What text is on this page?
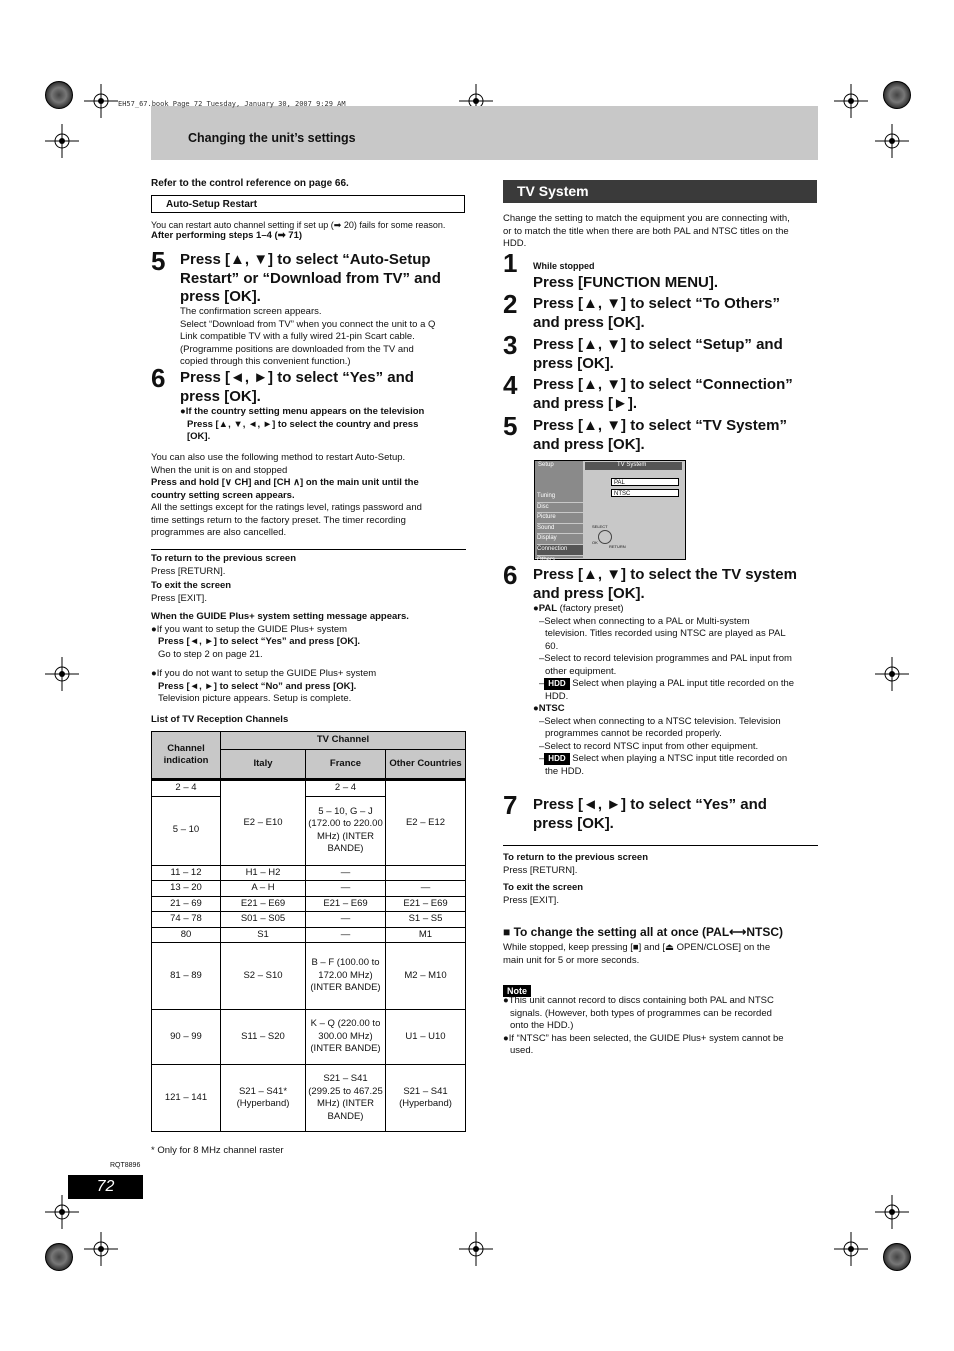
EH57_67.book Page 72 Tuesday, January 30, 2007 9:29 AM
Changing the unit’s settings
Refer to the control reference on page 66.
Auto-Setup Restart
You can restart auto channel setting if set up (➡ 20) fails for some reason.
After performing steps 1–4 (➡ 71)
5 Press [▲, ▼] to select “Auto-Setup
Restart” or “Download from TV” and
press [OK].
The confirmation screen appears.
Select “Download from TV” when you connect the unit to a Q
Link compatible TV with a fully wired 21-pin Scart cable.
(Programme positions are downloaded from the TV and
copied through this convenient function.)
6 Press [◄, ►] to select “Yes” and
press [OK].
●If the country setting menu appears on the television
Press [▲, ▼, ◄, ►] to select the country and press
[OK].
You can also use the following method to restart Auto-Setup.
When the unit is on and stopped
Press and hold [∨ CH] and [CH ∧] on the main unit until the
country setting screen appears.
All the settings except for the ratings level, ratings password and
time settings return to the factory preset. The timer recording
programmes are also cancelled.
To return to the previous screen
Press [RETURN].
To exit the screen
Press [EXIT].
When the GUIDE Plus+ system setting message appears.
●If you want to setup the GUIDE Plus+ system
Press [◄, ►] to select “Yes” and press [OK].
Go to step 2 on page 21.
●If you do not want to setup the GUIDE Plus+ system
Press [◄, ►] to select “No” and press [OK].
Television picture appears. Setup is complete.
List of TV Reception Channels
Channel indication	TV Channel		
	Italy	France	Other Countries

2 – 4	E2 – E10	2 – 4	E2 – E12
5 – 10		5 – 10, G – J (172.00 to 220.00 MHz) (INTER BANDE)	
11 – 12	H1 – H2	—	
13 – 20	A – H	—	—
21 – 69	E21 – E69	E21 – E69	E21 – E69
74 – 78	S01 – S05	—	S1 – S5
80	S1	—	M1
81 – 89	S2 – S10	B – F (100.00 to 172.00 MHz) (INTER BANDE)	M2 – M10
90 – 99	S11 – S20	K – Q (220.00 to 300.00 MHz) (INTER BANDE)	U1 – U10
121 – 141	S21 – S41* (Hyperband)	S21 – S41 (299.25 to 467.25 MHz) (INTER BANDE)	S21 – S41 (Hyperband)
* Only for 8 MHz channel raster
RQT8896
72
TV System
Change the setting to match the equipment you are connecting with,
or to match the title when there are both PAL and NTSC titles on the
HDD.
1 While stopped
Press [FUNCTION MENU].
2 Press [▲, ▼] to select “To Others”
and press [OK].
3 Press [▲, ▼] to select “Setup” and
press [OK].
4 Press [▲, ▼] to select “Connection”
and press [►].
5 Press [▲, ▼] to select “TV System”
and press [OK].
Setup	TV System
Tuning
Disc
Picture
Sound
Display
Connection
Others
PAL
NTSC
SELECT
OK
RETURN
6 Press [▲, ▼] to select the TV system
and press [OK].
●PAL (factory preset)
–Select when connecting to a PAL or Multi-system
television. Titles recorded using NTSC are played as PAL
60.
–Select to record television programmes and PAL input from
other equipment.
– HDD Select when playing a PAL input title recorded on the
HDD.
●NTSC
–Select when connecting to a NTSC television. Television
programmes cannot be recorded properly.
–Select to record NTSC input from other equipment.
– HDD Select when playing a NTSC input title recorded on
the HDD.
7 Press [◄, ►] to select “Yes” and
press [OK].
To return to the previous screen
Press [RETURN].
To exit the screen
Press [EXIT].
■ To change the setting all at once (PAL⟷NTSC)
While stopped, keep pressing [■] and [⏏ OPEN/CLOSE] on the
main unit for 5 or more seconds.
Note
●This unit cannot record to discs containing both PAL and NTSC
signals. (However, both types of programmes can be recorded
onto the HDD.)
●If “NTSC” has been selected, the GUIDE Plus+ system cannot be
used.
